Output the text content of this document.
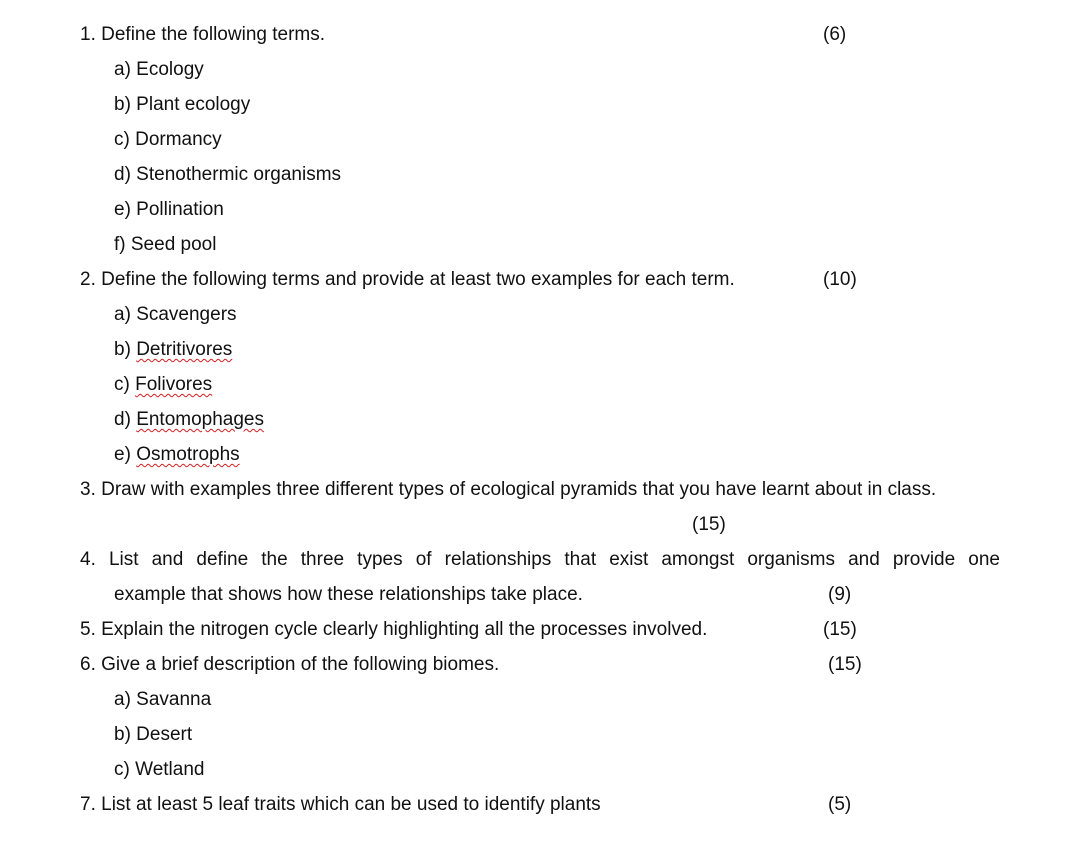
1. Define the following terms.	(6)
a) Ecology
b) Plant ecology
c) Dormancy
d) Stenothermic organisms
e) Pollination
f) Seed pool
2. Define the following terms and provide at least two examples for each term.	(10)
a) Scavengers
b) Detritivores
c) Folivores
d) Entomophages
e) Osmotrophs
3. Draw with examples three different types of ecological pyramids that you have learnt about in class.
(15)
4. List and define the three types of relationships that exist amongst organisms and provide one
example that shows how these relationships take place.	(9)
5. Explain the nitrogen cycle clearly highlighting all the processes involved.	(15)
6. Give a brief description of the following biomes.	(15)
a) Savanna
b) Desert
c) Wetland
7. List at least 5 leaf traits which can be used to identify plants	(5)
